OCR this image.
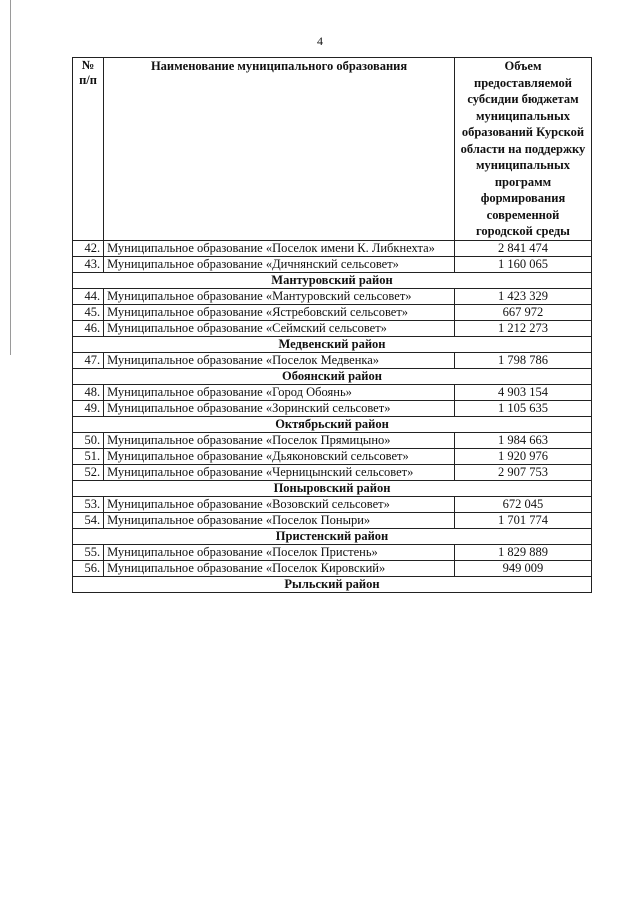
4
№ п/п	Наименование муниципального образования	Объем предоставляемой субсидии бюджетам муниципальных образований Курской области на поддержку муниципальных программ формирования современной городской среды
42.	Муниципальное образование «Поселок имени К. Либкнехта»	2 841 474
43.	Муниципальное образование «Дичнянский сельсовет»	1 160 065
Мантуровский район		
44.	Муниципальное образование «Мантуровский сельсовет»	1 423 329
45.	Муниципальное образование «Ястребовский сельсовет»	667 972
46.	Муниципальное образование «Сеймский сельсовет»	1 212 273
Медвенский район		
47.	Муниципальное образование «Поселок Медвенка»	1 798 786
Обоянский район		
48.	Муниципальное образование «Город Обоянь»	4 903 154
49.	Муниципальное образование «Зоринский сельсовет»	1 105 635
Октябрьский район		
50.	Муниципальное образование «Поселок Прямицыно»	1 984 663
51.	Муниципальное образование «Дьяконовский сельсовет»	1 920 976
52.	Муниципальное образование «Черницынский сельсовет»	2 907 753
Поныровский район		
53.	Муниципальное образование «Возовский сельсовет»	672 045
54.	Муниципальное образование «Поселок Поныри»	1 701 774
Пристенский район		
55.	Муниципальное образование «Поселок Пристень»	1 829 889
56.	Муниципальное образование «Поселок Кировский»	949 009
Рыльский район		
